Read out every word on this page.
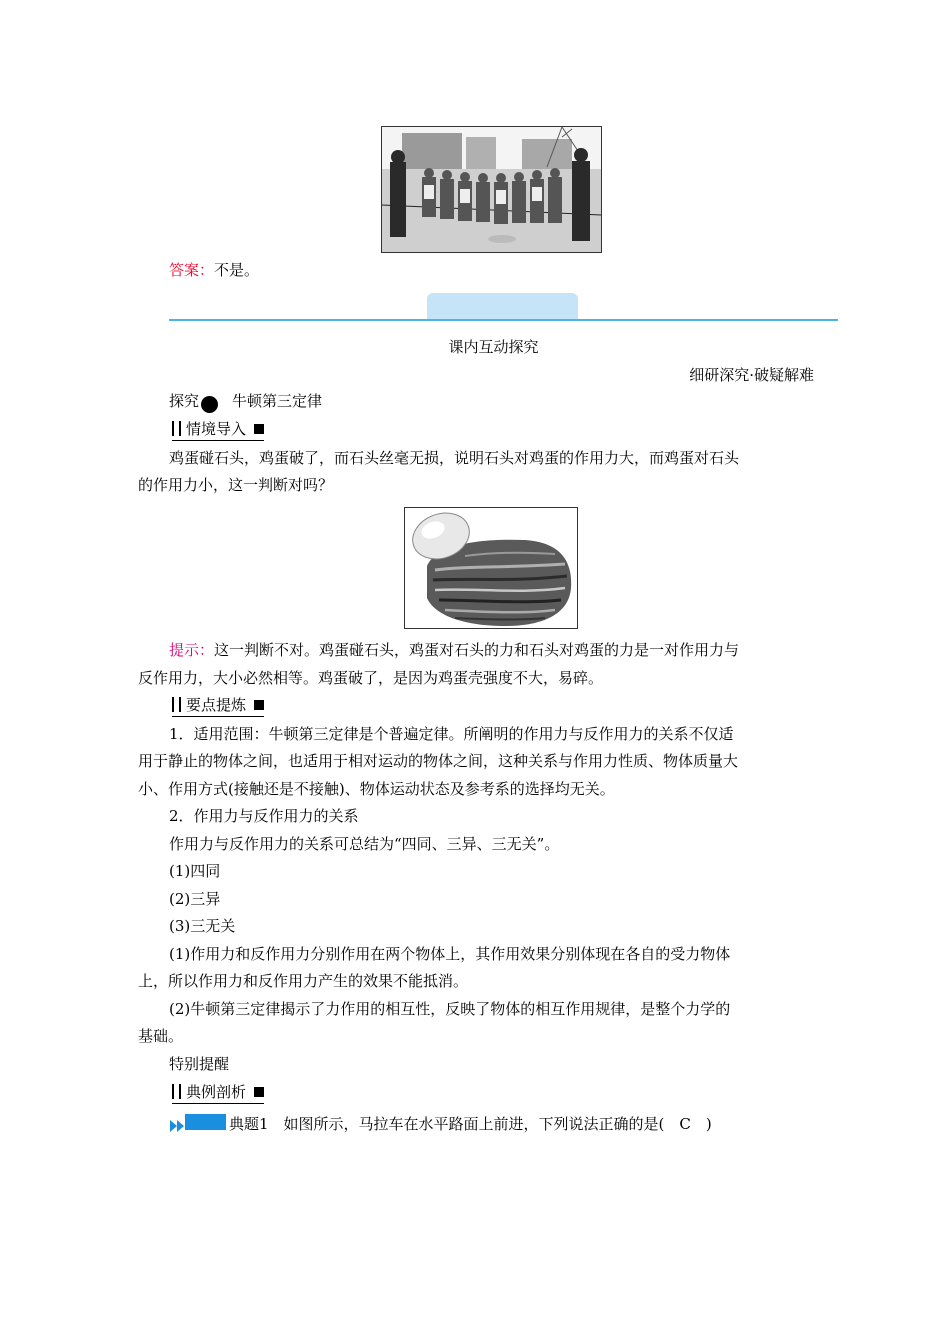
答案：不是。
课内互动探究
细研深究·破疑解难
探究 1 牛顿第三定律
情境导入
鸡蛋碰石头，鸡蛋破了，而石头丝毫无损，说明石头对鸡蛋的作用力大，而鸡蛋对石头
的作用力小，这一判断对吗？
提示：这一判断不对。鸡蛋碰石头，鸡蛋对石头的力和石头对鸡蛋的力是一对作用力与
反作用力，大小必然相等。鸡蛋破了，是因为鸡蛋壳强度不大，易碎。
要点提炼
1．适用范围：牛顿第三定律是个普遍定律。所阐明的作用力与反作用力的关系不仅适
用于静止的物体之间，也适用于相对运动的物体之间，这种关系与作用力性质、物体质量大
小、作用方式(接触还是不接触)、物体运动状态及参考系的选择均无关。
2．作用力与反作用力的关系
作用力与反作用力的关系可总结为“四同、三异、三无关”。
(1)四同
(2)三异
(3)三无关
(1)作用力和反作用力分别作用在两个物体上，其作用效果分别体现在各自的受力物体
上，所以作用力和反作用力产生的效果不能抵消。
(2)牛顿第三定律揭示了力作用的相互性，反映了物体的相互作用规律，是整个力学的
基础。
特别提醒
典例剖析
典题1 如图所示，马拉车在水平路面上前进，下列说法正确的是(　C　)
